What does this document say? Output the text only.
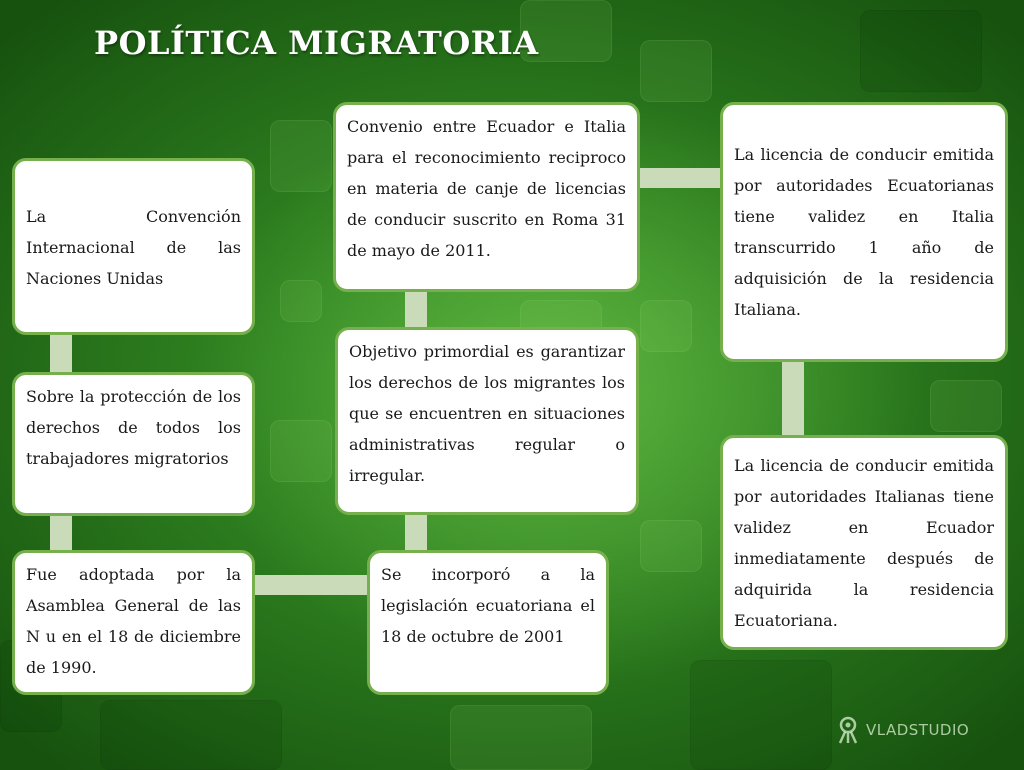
POLÍTICA MIGRATORIA
La Convención Internacional de las Naciones Unidas
Sobre la protección de los derechos de todos los trabajadores migratorios
Fue adoptada por la Asamblea General de las N u en el 18 de diciembre de 1990.
Convenio entre Ecuador e Italia para el reconocimiento reciproco en materia de canje de licencias de conducir suscrito en Roma 31 de mayo de 2011.
Objetivo primordial es garantizar los derechos de los migrantes los que se encuentren en situaciones administrativas regular o irregular.
Se incorporó a la legislación ecuatoriana el 18 de octubre de 2001
La licencia de conducir emitida por autoridades Ecuatorianas tiene validez en Italia transcurrido 1 año de adquisición de la residencia Italiana.
La licencia de conducir emitida por autoridades Italianas tiene validez en Ecuador inmediatamente después de adquirida la residencia Ecuatoriana.
VLADSTUDIO
